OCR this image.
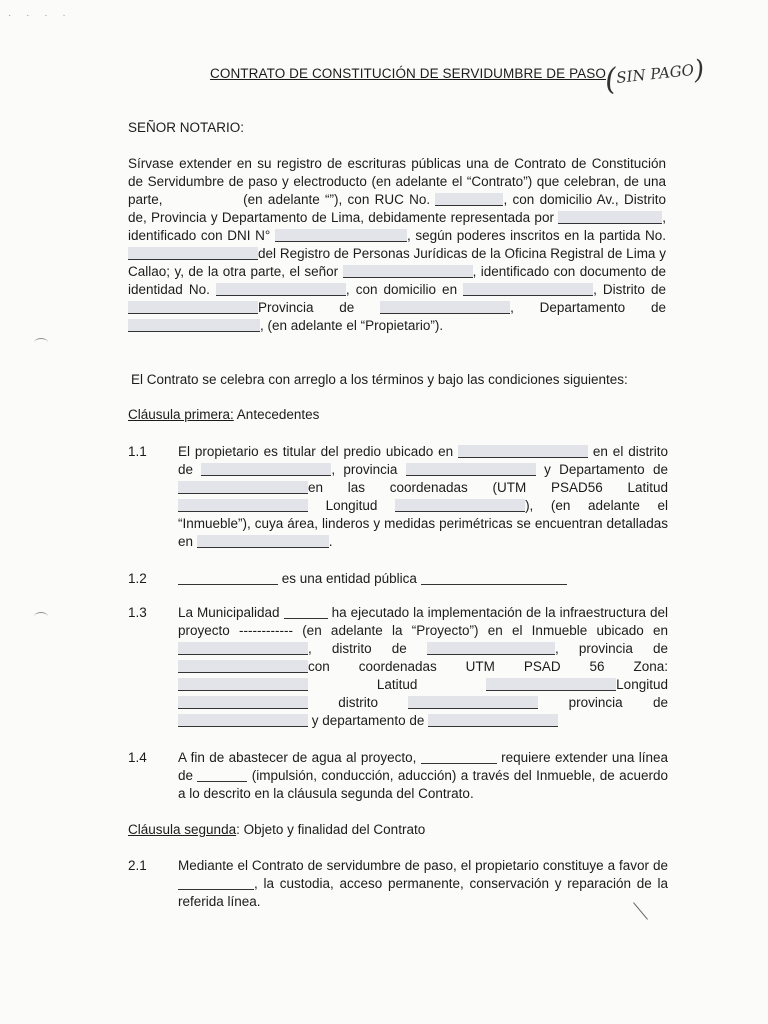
· · · ·
CONTRATO DE CONSTITUCIÓN DE SERVIDUMBRE DE PASO
( SIN PAGO )
SEÑOR NOTARIO:
Sírvase extender en su registro de escrituras públicas una de Contrato de Constitución de Servidumbre de paso y electroducto (en adelante el “Contrato”) que celebran, de una parte,	(en adelante “”), con RUC No.	, con domicilio Av., Distrito de, Provincia y Departamento de Lima, debidamente representada por	, identificado con DNI N°	, según poderes inscritos en la partida No. del Registro de Personas Jurídicas de la Oficina Registral de Lima y Callao; y, de la otra parte, el señor	, identificado con documento de identidad No.	, con domicilio en	, Distrito de Provincia de	, Departamento de , (en adelante el “Propietario”).
El Contrato se celebra con arreglo a los términos y bajo las condiciones siguientes:
Cláusula primera: Antecedentes
1.1 El propietario es titular del predio ubicado en	en el distrito de	, provincia	y Departamento de en las coordenadas (UTM PSAD56 Latitud  Longitud	), (en adelante el “Inmueble”), cuya área, linderos y medidas perimétricas se encuentran detalladas en	.
1.2	es una entidad pública
1.3 La Municipalidad	ha ejecutado la implementación de la infraestructura del proyecto ------------ (en adelante la “Proyecto”) en el Inmueble ubicado en , distrito de	, provincia de con coordenadas UTM PSAD 56 Zona:  Latitud	Longitud  distrito	provincia de  y departamento de
1.4 A fin de abastecer de agua al proyecto,	requiere extender una línea de	(impulsión, conducción, aducción) a través del Inmueble, de acuerdo a lo descrito en la cláusula segunda del Contrato.
Cláusula segunda: Objeto y finalidad del Contrato
2.1 Mediante el Contrato de servidumbre de paso, el propietario constituye a favor de , la custodia, acceso permanente, conservación y reparación de la referida línea.
